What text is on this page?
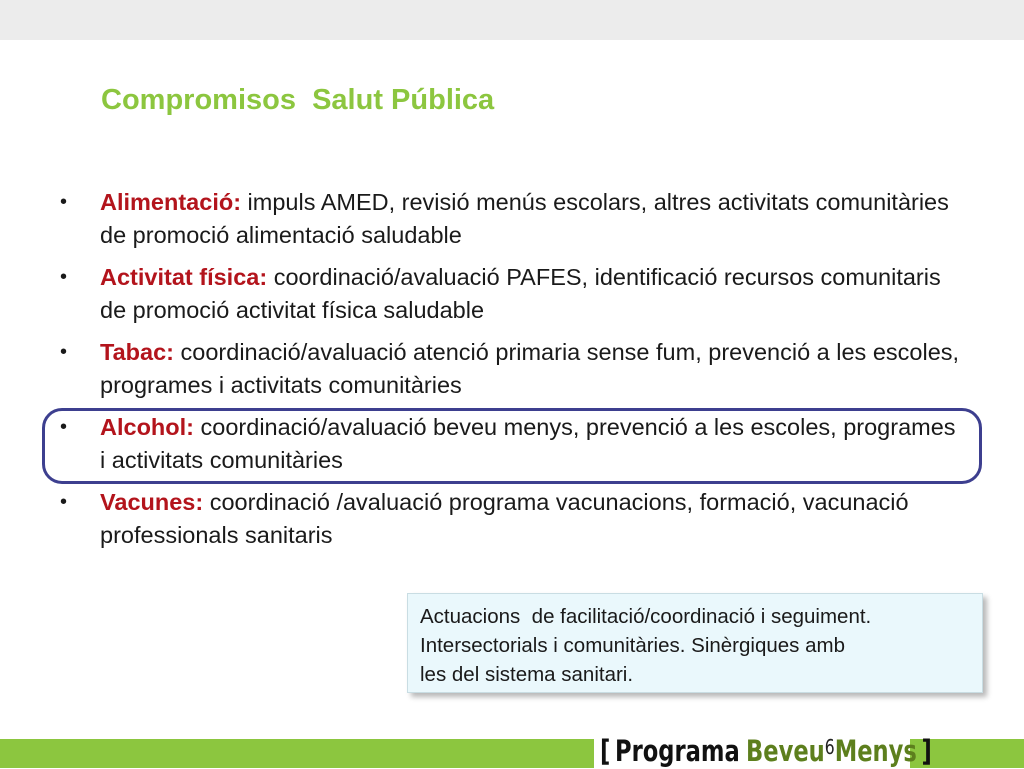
Compromisos  Salut Pública
• Alimentació: impuls AMED, revisió menús escolars, altres activitats comunitàries de promoció alimentació saludable
• Activitat física: coordinació/avaluació PAFES, identificació recursos comunitaris de promoció activitat física saludable
• Tabac: coordinació/avaluació atenció primaria sense fum, prevenció a les escoles, programes i activitats comunitàries
• Alcohol: coordinació/avaluació beveu menys, prevenció a les escoles, programes i activitats comunitàries
• Vacunes: coordinació /avaluació programa vacunacions, formació, vacunació professionals sanitaris
Actuacions  de facilitació/coordinació i seguiment.
Intersectorials i comunitàries. Sinèrgiques amb
les del sistema sanitari.
[ Programa Beveu 6 Menys ]
